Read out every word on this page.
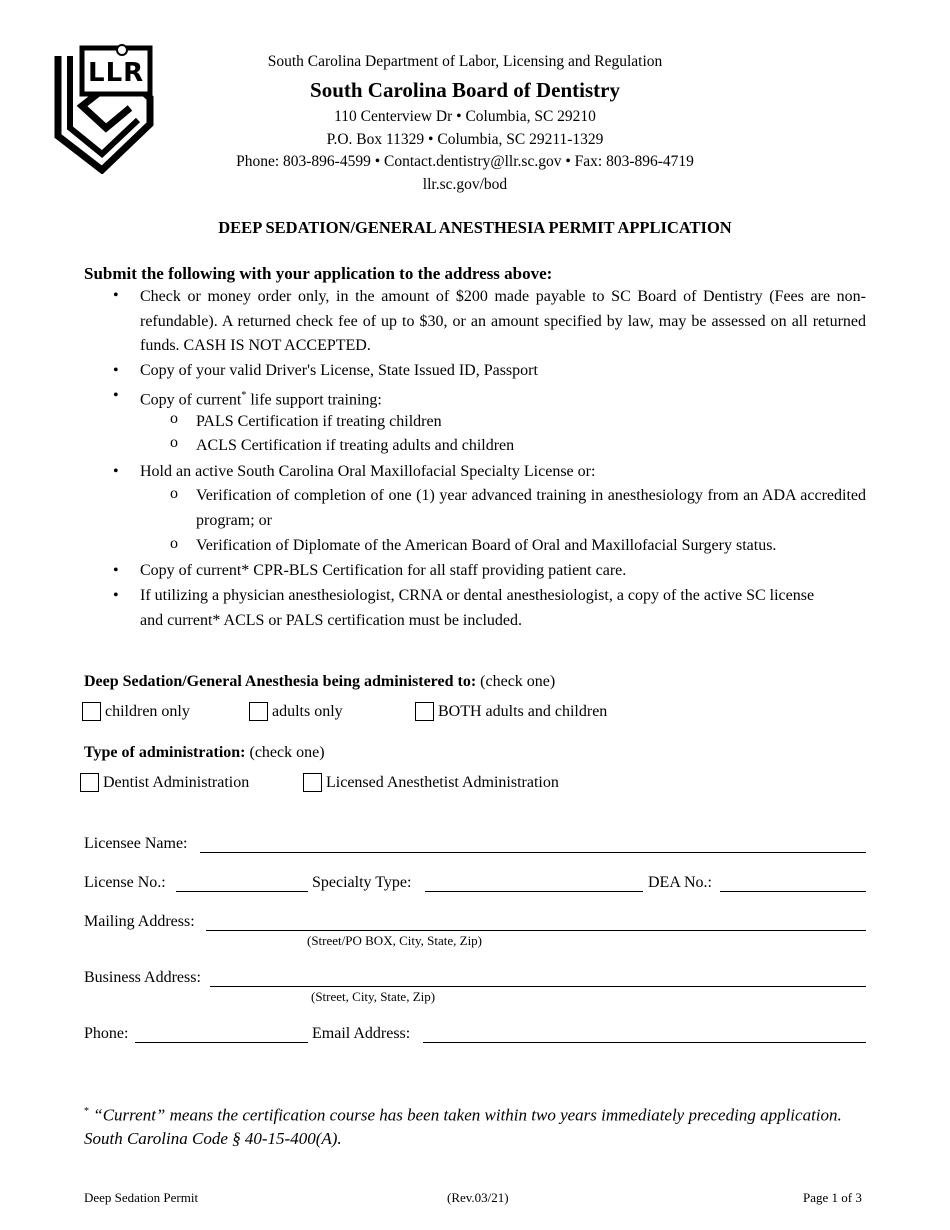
LLR	South Carolina Department of Labor, Licensing and Regulation
South Carolina Board of Dentistry
110 Centerview Dr • Columbia, SC 29210
P.O. Box 11329 • Columbia, SC 29211-1329
Phone: 803-896-4599 • Contact.dentistry@llr.sc.gov • Fax: 803-896-4719
llr.sc.gov/bod
DEEP SEDATION/GENERAL ANESTHESIA PERMIT APPLICATION
Submit the following with your application to the address above:
• Check or money order only, in the amount of $200 made payable to SC Board of Dentistry (Fees are non-refundable). A returned check fee of up to $30, or an amount specified by law, may be assessed on all returned funds. CASH IS NOT ACCEPTED.
• Copy of your valid Driver's License, State Issued ID, Passport
• Copy of current* life support training:
o PALS Certification if treating children
o ACLS Certification if treating adults and children
• Hold an active South Carolina Oral Maxillofacial Specialty License or:
o Verification of completion of one (1) year advanced training in anesthesiology from an ADA accredited program; or
o Verification of Diplomate of the American Board of Oral and Maxillofacial Surgery status.
• Copy of current* CPR-BLS Certification for all staff providing patient care.
• If utilizing a physician anesthesiologist, CRNA or dental anesthesiologist, a copy of the active SC license and current* ACLS or PALS certification must be included.
Deep Sedation/General Anesthesia being administered to: (check one)
children only	adults only	BOTH adults and children
Type of administration: (check one)
Dentist Administration	Licensed Anesthetist Administration
Licensee Name:
License No.:	Specialty Type:	DEA No.:
Mailing Address:
(Street/PO BOX, City, State, Zip)
Business Address:
(Street, City, State, Zip)
Phone:	Email Address:
* “Current” means the certification course has been taken within two years immediately preceding application. South Carolina Code § 40-15-400(A).
Deep Sedation Permit	(Rev.03/21)	Page 1 of 3
